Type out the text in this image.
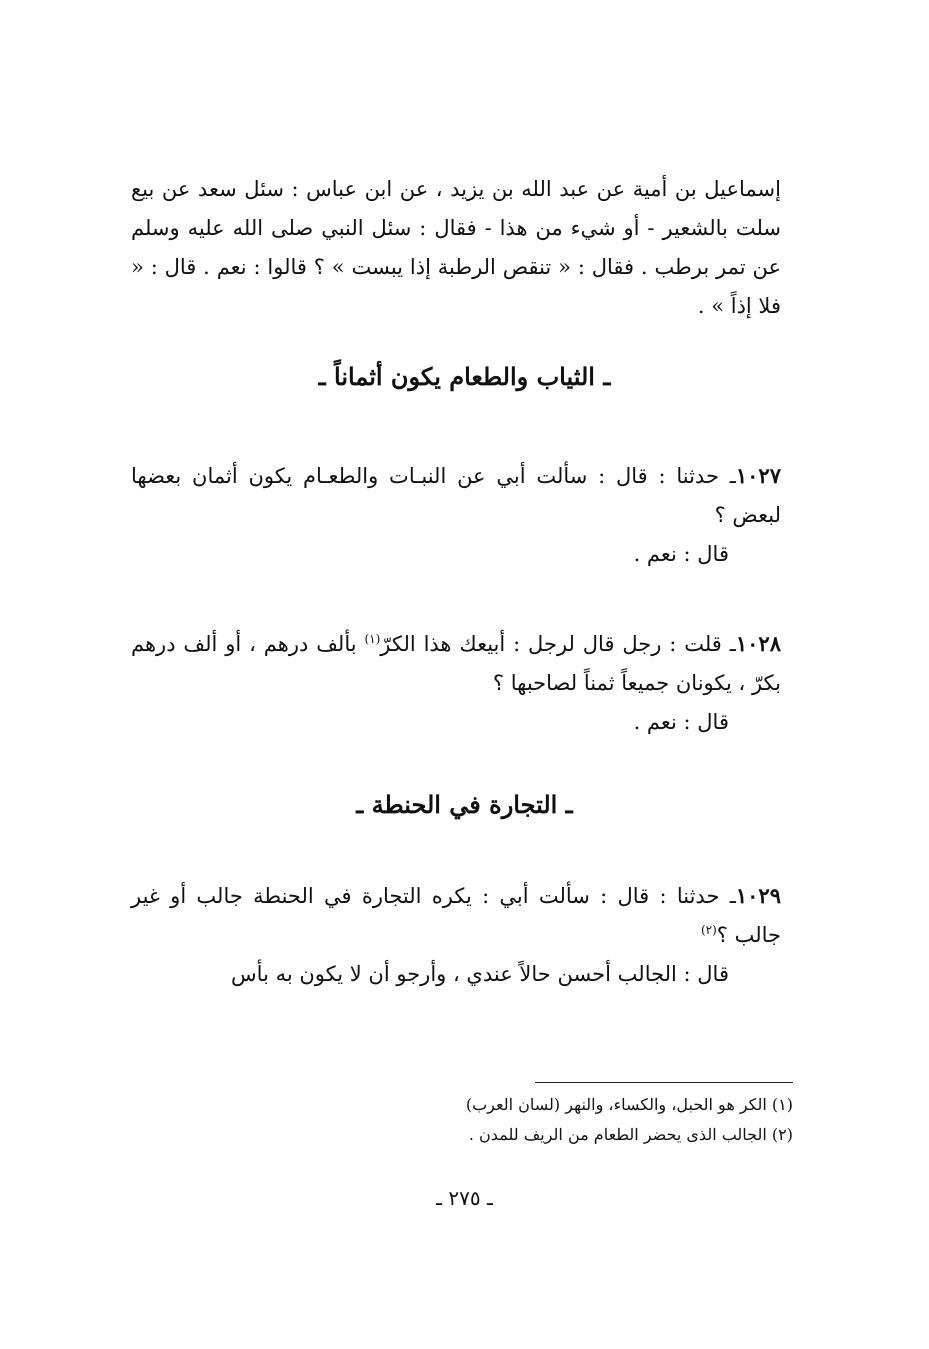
إسماعيل بن أمية عن عبد الله بن يزيد ، عن ابن عباس : سئل سعد عن بيع سلت بالشعير - أو شيء من هذا - فقال : سئل النبي صلى الله عليه وسلم عن تمر برطب . فقال : « تنقص الرطبة إذا يبست » ؟ قالوا : نعم . قال : « فلا إذاً » .

ـ الثياب والطعام يكون أثماناً ـ

١٠٢٧ـ حدثنا : قال : سألت أبي عن النبـات والطعـام يكون أثمان بعضها لبعض ؟

قال : نعم .

١٠٢٨ـ قلت : رجل قال لرجل : أبيعك هذا الكرّ$^{(١)}$ بألف درهم ، أو ألف درهم بكرّ ، يكونان جميعاً ثمناً لصاحبها ؟

قال : نعم .

ـ التجارة في الحنطة ـ

١٠٢٩ـ حدثنا : قال : سألت أبي : يكره التجارة في الحنطة جالب أو غير جالب ؟$^{(٢)}$

قال : الجالب أحسن حالاً عندي ، وأرجو أن لا يكون به بأس

(١) الكر هو الحبل، والكساء، والنهر (لسان العرب)

(٢) الجالب الذى يحضر الطعام من الريف للمدن .

ـ ٢٧٥ ـ
